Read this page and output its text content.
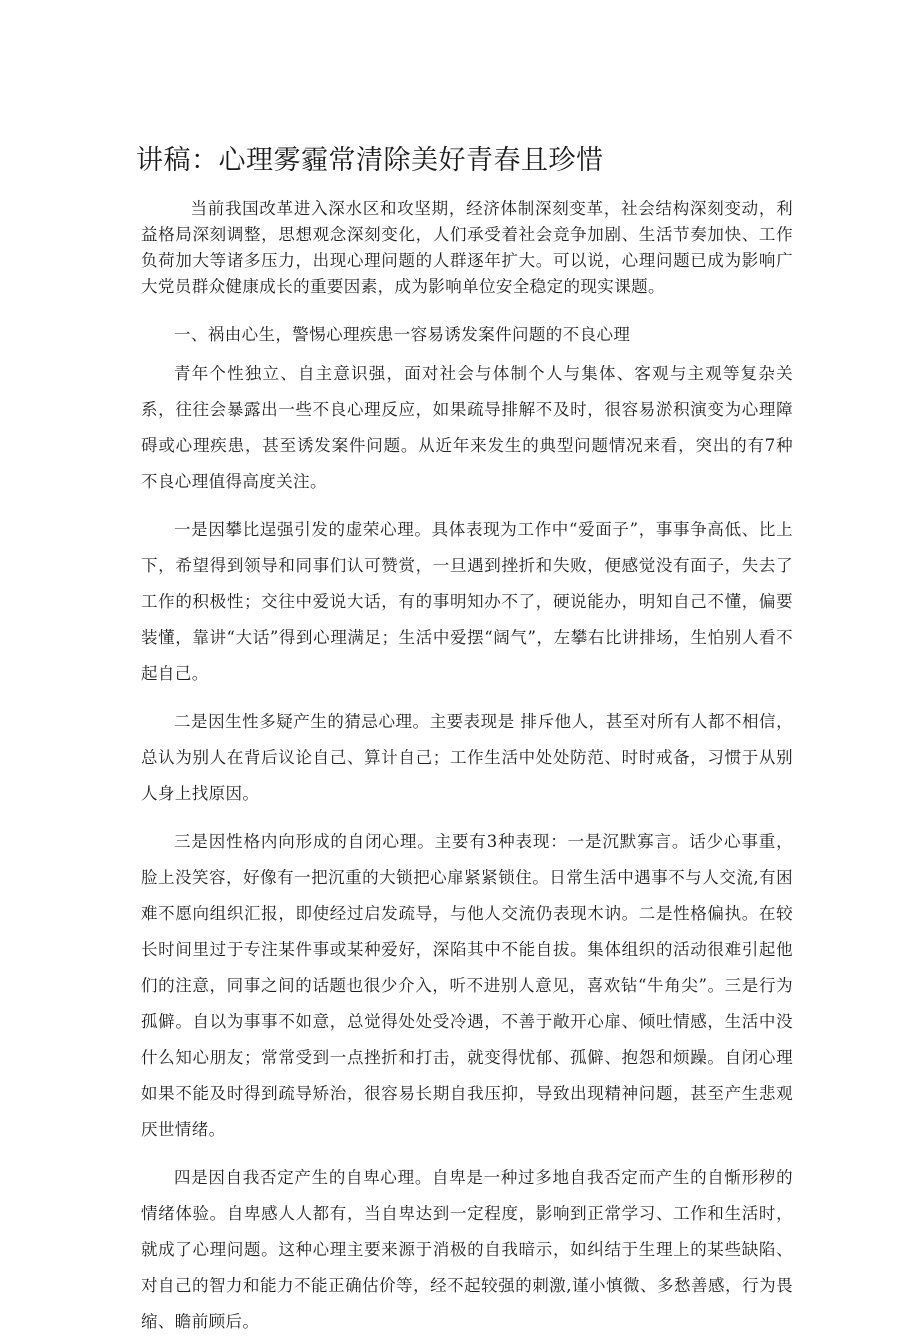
讲稿：心理雾霾常清除美好青春且珍惜

当前我国改革进入深水区和攻坚期，经济体制深刻变革，社会结构深刻变动，利益格局深刻调整，思想观念深刻变化，人们承受着社会竞争加剧、生活节奏加快、工作负荷加大等诸多压力，出现心理问题的人群逐年扩大。可以说，心理问题已成为影响广大党员群众健康成长的重要因素，成为影响单位安全稳定的现实课题。

一、祸由心生，警惕心理疾患一容易诱发案件问题的不良心理

青年个性独立、自主意识强，面对社会与体制个人与集体、客观与主观等复杂关系，往往会暴露出一些不良心理反应，如果疏导排解不及时，很容易淤积演变为心理障碍或心理疾患，甚至诱发案件问题。从近年来发生的典型问题情况来看，突出的有7种不良心理值得高度关注。

一是因攀比逞强引发的虚荣心理。具体表现为工作中“爱面子”，事事争高低、比上下，希望得到领导和同事们认可赞赏，一旦遇到挫折和失败，便感觉没有面子，失去了工作的积极性；交往中爱说大话，有的事明知办不了，硬说能办，明知自己不懂，偏要装懂，靠讲“大话”得到心理满足；生活中爱摆“阔气”，左攀右比讲排场，生怕别人看不起自己。

二是因生性多疑产生的猜忌心理。主要表现是 排斥他人，甚至对所有人都不相信，总认为别人在背后议论自己、算计自己；工作生活中处处防范、时时戒备，习惯于从别人身上找原因。

三是因性格内向形成的自闭心理。主要有3种表现：一是沉默寡言。话少心事重，脸上没笑容，好像有一把沉重的大锁把心扉紧紧锁住。日常生活中遇事不与人交流,有困难不愿向组织汇报，即使经过启发疏导，与他人交流仍表现木讷。二是性格偏执。在较长时间里过于专注某件事或某种爱好，深陷其中不能自拔。集体组织的活动很难引起他们的注意，同事之间的话题也很少介入，听不进别人意见，喜欢钻“牛角尖”。三是行为孤僻。自以为事事不如意，总觉得处处受冷遇，不善于敞开心扉、倾吐情感，生活中没什么知心朋友；常常受到一点挫折和打击，就变得忧郁、孤僻、抱怨和烦躁。自闭心理如果不能及时得到疏导矫治，很容易长期自我压抑，导致出现精神问题，甚至产生悲观厌世情绪。

四是因自我否定产生的自卑心理。自卑是一种过多地自我否定而产生的自惭形秽的情绪体验。自卑感人人都有，当自卑达到一定程度，影响到正常学习、工作和生活时，就成了心理问题。这种心理主要来源于消极的自我暗示，如纠结于生理上的某些缺陷、对自己的智力和能力不能正确估价等，经不起较强的刺激,谨小慎微、多愁善感，行为畏缩、瞻前顾后。
